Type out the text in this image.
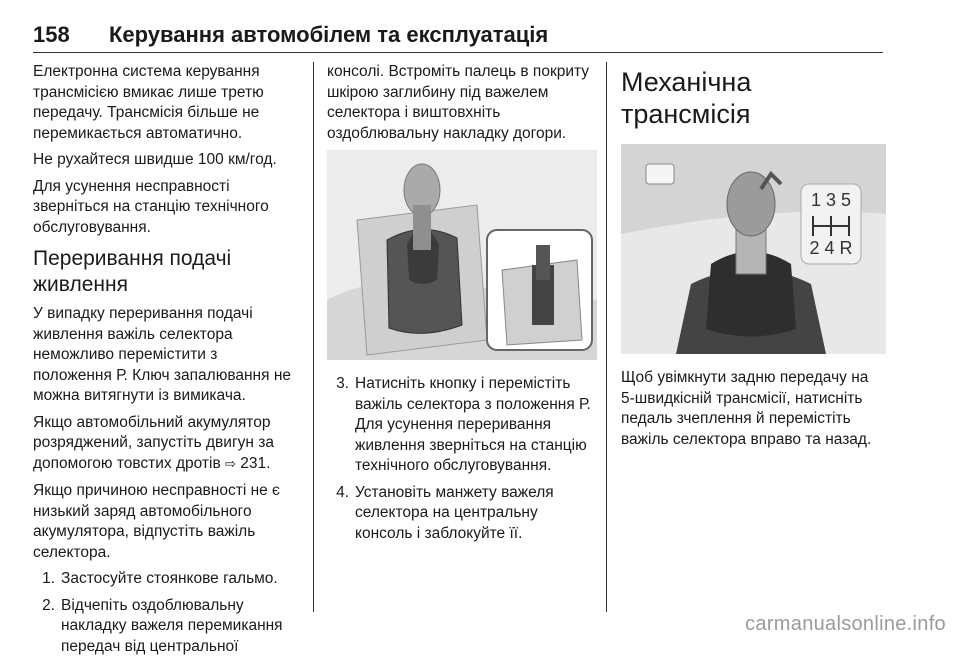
158 Керування автомобілем та експлуатація

Електронна система керування трансмісією вмикає лише третю передачу. Трансмісія більше не перемикається автоматично.

Не рухайтеся швидше 100 км/год.

Для усунення несправності зверніться на станцію технічного обслуговування.

Переривання подачі живлення

У випадку переривання подачі живлення важіль селектора неможливо перемістити з положення Р. Ключ запалювання не можна витягнути із вимикача.

Якщо автомобільний акумулятор розряджений, запустіть двигун за допомогою товстих дротів ⇨ 231.

Якщо причиною несправності не є низький заряд автомобільного акумулятора, відпустіть важіль селектора.

1. Застосуйте стоянкове гальмо.
2. Відчепіть оздоблювальну накладку важеля перемикання передач від центральної

консолі. Встроміть палець в покриту шкірою заглибину під важелем селектора і виштовхніть оздоблювальну накладку догори.

3. Натисніть кнопку і перемістіть важіль селектора з положення Р. Для усунення переривання живлення зверніться на станцію технічного обслуговування.
4. Установіть манжету важеля селектора на центральну консоль і заблокуйте її.
Механічна трансмісія
1 3 5
2 4 R

Щоб увімкнути задню передачу на 5-швидкісній трансмісії, натисніть педаль зчеплення й перемістіть важіль селектора вправо та назад.

carmanualsonline.info
